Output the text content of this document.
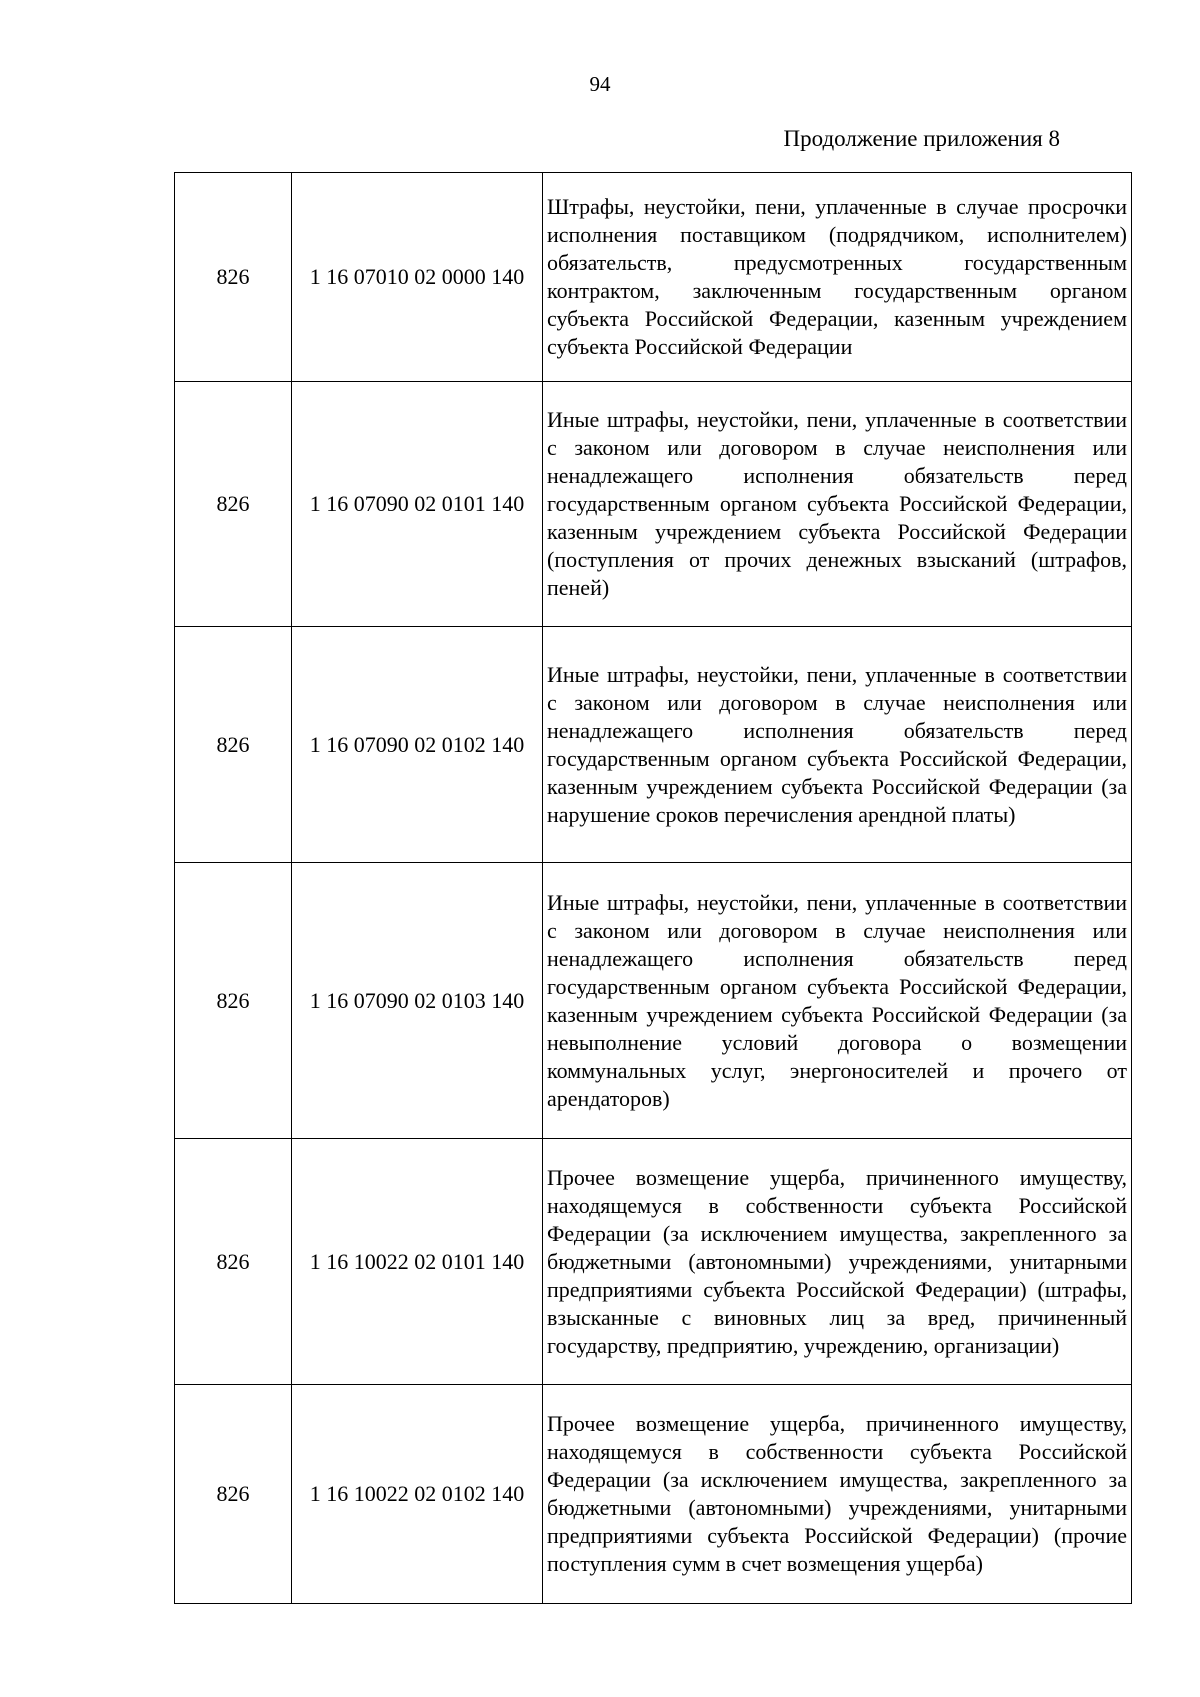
94
Продолжение приложения 8
826	1 16 07010 02 0000 140	Штрафы, неустойки, пени, уплаченные в случае просрочки исполнения поставщиком (подрядчиком, исполнителем) обязательств, предусмотренных государственным контрактом, заключенным государственным органом субъекта Российской Федерации, казенным учреждением субъекта Российской Федерации
826	1 16 07090 02 0101 140	Иные штрафы, неустойки, пени, уплаченные в соответствии с законом или договором в случае неисполнения или ненадлежащего исполнения обязательств перед государственным органом субъекта Российской Федерации, казенным учреждением субъекта Российской Федерации (поступления от прочих денежных взысканий (штрафов, пеней)
826	1 16 07090 02 0102 140	Иные штрафы, неустойки, пени, уплаченные в соответствии с законом или договором в случае неисполнения или ненадлежащего исполнения обязательств перед государственным органом субъекта Российской Федерации, казенным учреждением субъекта Российской Федерации (за нарушение сроков перечисления арендной платы)
826	1 16 07090 02 0103 140	Иные штрафы, неустойки, пени, уплаченные в соответствии с законом или договором в случае неисполнения или ненадлежащего исполнения обязательств перед государственным органом субъекта Российской Федерации, казенным учреждением субъекта Российской Федерации (за невыполнение условий договора о возмещении коммунальных услуг, энергоносителей и прочего от арендаторов)
826	1 16 10022 02 0101 140	Прочее возмещение ущерба, причиненного имуществу, находящемуся в собственности субъекта Российской Федерации (за исключением имущества, закрепленного за бюджетными (автономными) учреждениями, унитарными предприятиями субъекта Российской Федерации) (штрафы, взысканные с виновных лиц за вред, причиненный государству, предприятию, учреждению, организации)
826	1 16 10022 02 0102 140	Прочее возмещение ущерба, причиненного имуществу, находящемуся в собственности субъекта Российской Федерации (за исключением имущества, закрепленного за бюджетными (автономными) учреждениями, унитарными предприятиями субъекта Российской Федерации) (прочие поступления сумм в счет возмещения ущерба)
